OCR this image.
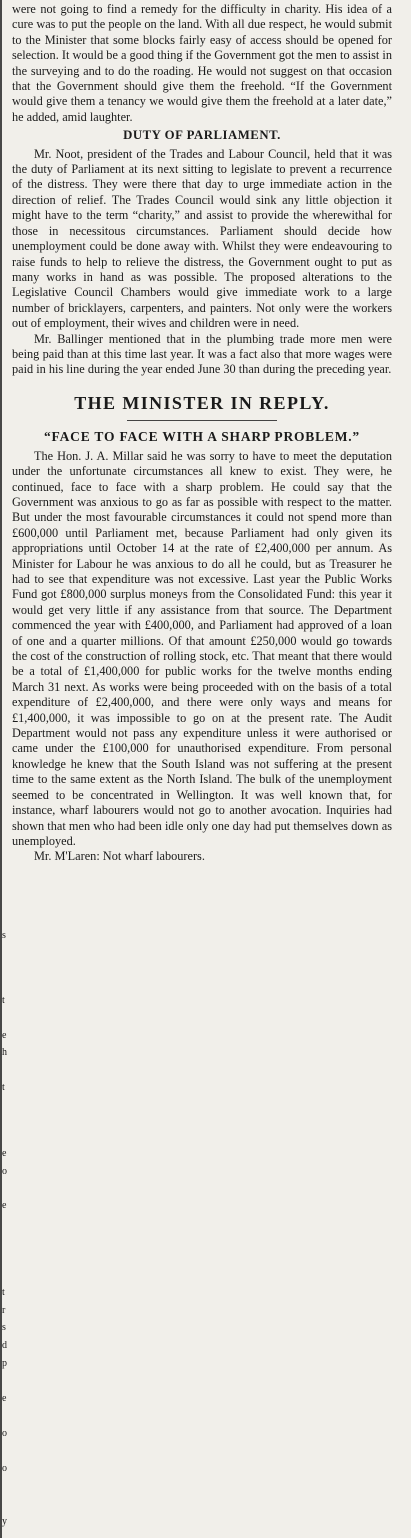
s
t
e
h
t
e
o
e
t
r
s
d
p
e
o
o
y

were not going to find a remedy for the difficulty in charity. His idea of a cure was to put the people on the land. With all due respect, he would submit to the Minister that some blocks fairly easy of access should be opened for selection. It would be a good thing if the Government got the men to assist in the surveying and to do the roading. He would not suggest on that occasion that the Government should give them the freehold. “If the Government would give them a tenancy we would give them the freehold at a later date,” he added, amid laughter.

DUTY OF PARLIAMENT.

Mr. Noot, president of the Trades and Labour Council, held that it was the duty of Parliament at its next sitting to legislate to prevent a recurrence of the distress. They were there that day to urge immediate action in the direction of relief. The Trades Council would sink any little objection it might have to the term “charity,” and assist to provide the wherewithal for those in necessitous circumstances. Parliament should decide how unemployment could be done away with. Whilst they were endeavouring to raise funds to help to relieve the distress, the Government ought to put as many works in hand as was possible. The proposed alterations to the Legislative Council Chambers would give immediate work to a large number of bricklayers, carpenters, and painters. Not only were the workers out of employment, their wives and children were in need.

Mr. Ballinger mentioned that in the plumbing trade more men were being paid than at this time last year. It was a fact also that more wages were paid in his line during the year ended June 30 than during the preceding year.

THE MINISTER IN REPLY.
“FACE TO FACE WITH A SHARP PROBLEM.”

The Hon. J. A. Millar said he was sorry to have to meet the deputation under the unfortunate circumstances all knew to exist. They were, he continued, face to face with a sharp problem. He could say that the Government was anxious to go as far as possible with respect to the matter. But under the most favourable circumstances it could not spend more than £600,000 until Parliament met, because Parliament had only given its appropriations until October 14 at the rate of £2,400,000 per annum. As Minister for Labour he was anxious to do all he could, but as Treasurer he had to see that expenditure was not excessive. Last year the Public Works Fund got £800,000 surplus moneys from the Consolidated Fund: this year it would get very little if any assistance from that source. The Department commenced the year with £400,000, and Parliament had approved of a loan of one and a quarter millions. Of that amount £250,000 would go towards the cost of the construction of rolling stock, etc. That meant that there would be a total of £1,400,000 for public works for the twelve months ending March 31 next. As works were being proceeded with on the basis of a total expenditure of £2,400,000, and there were only ways and means for £1,400,000, it was impossible to go on at the present rate. The Audit Department would not pass any expenditure unless it were authorised or came under the £100,000 for unauthorised expenditure. From personal knowledge he knew that the South Island was not suffering at the present time to the same extent as the North Island. The bulk of the unemployment seemed to be concentrated in Wellington. It was well known that, for instance, wharf labourers would not go to another avocation. Inquiries had shown that men who had been idle only one day had put themselves down as unemployed.

Mr. M'Laren: Not wharf labourers.
